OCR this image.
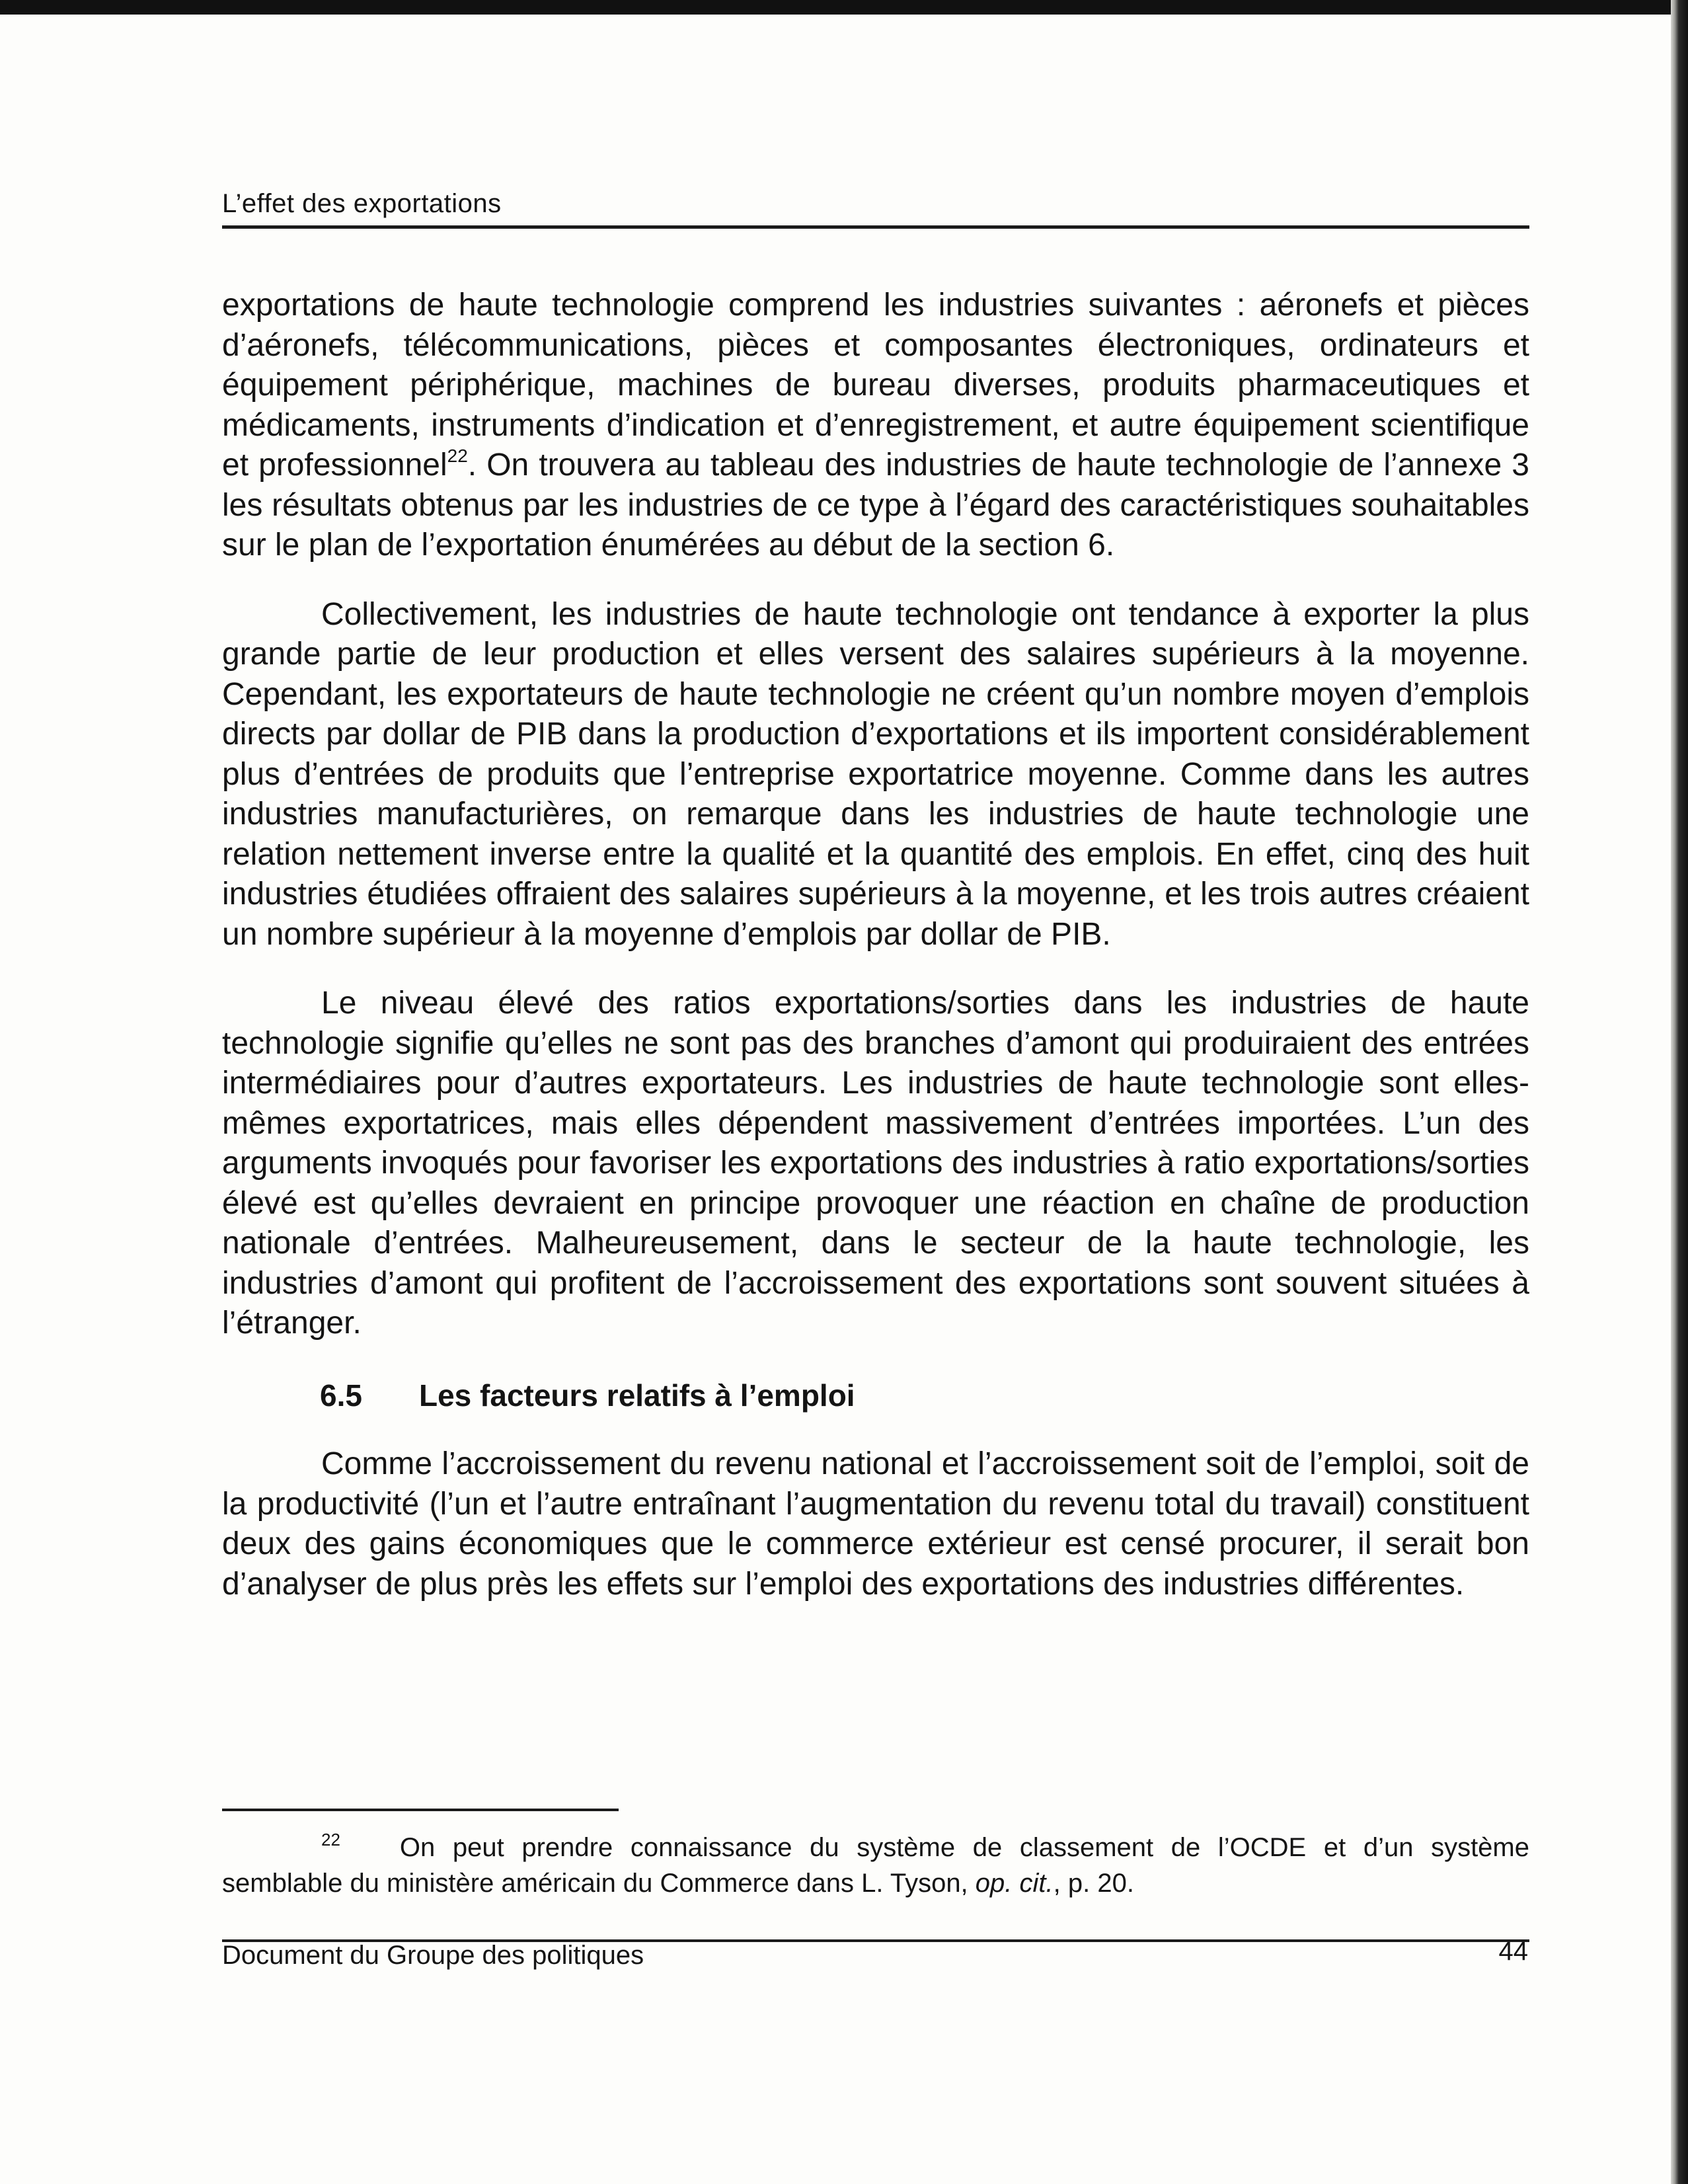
L’effet des exportations

exportations de haute technologie comprend les industries suivantes : aéronefs et pièces d’aéronefs, télécommunications, pièces et composantes électroniques, ordinateurs et équipement périphérique, machines de bureau diverses, produits pharmaceutiques et médicaments, instruments d’indication et d’enregistrement, et autre équipement scientifique et professionnel$^{22}$. On trouvera au tableau des industries de haute technologie de l’annexe 3 les résultats obtenus par les industries de ce type à l’égard des caractéristiques souhaitables sur le plan de l’exportation énumérées au début de la section 6.

Collectivement, les industries de haute technologie ont tendance à exporter la plus grande partie de leur production et elles versent des salaires supérieurs à la moyenne. Cependant, les exportateurs de haute technologie ne créent qu’un nombre moyen d’emplois directs par dollar de PIB dans la production d’exportations et ils importent considérablement plus d’entrées de produits que l’entreprise exportatrice moyenne. Comme dans les autres industries manufacturières, on remarque dans les industries de haute technologie une relation nettement inverse entre la qualité et la quantité des emplois. En effet, cinq des huit industries étudiées offraient des salaires supérieurs à la moyenne, et les trois autres créaient un nombre supérieur à la moyenne d’emplois par dollar de PIB.

Le niveau élevé des ratios exportations/sorties dans les industries de haute technologie signifie qu’elles ne sont pas des branches d’amont qui produiraient des entrées intermédiaires pour d’autres exportateurs. Les industries de haute technologie sont elles-mêmes exportatrices, mais elles dépendent massivement d’entrées importées. L’un des arguments invoqués pour favoriser les exportations des industries à ratio exportations/sorties élevé est qu’elles devraient en principe provoquer une réaction en chaîne de production nationale d’entrées. Malheureusement, dans le secteur de la haute technologie, les industries d’amont qui profitent de l’accroissement des exportations sont souvent situées à l’étranger.

6.5 Les facteurs relatifs à l’emploi

Comme l’accroissement du revenu national et l’accroissement soit de l’emploi, soit de la productivité (l’un et l’autre entraînant l’augmentation du revenu total du travail) constituent deux des gains économiques que le commerce extérieur est censé procurer, il serait bon d’analyser de plus près les effets sur l’emploi des exportations des industries différentes.

$^{22}$ On peut prendre connaissance du système de classement de l’OCDE et d’un système semblable du ministère américain du Commerce dans L. Tyson, op. cit., p. 20.
Document du Groupe des politiques	44
